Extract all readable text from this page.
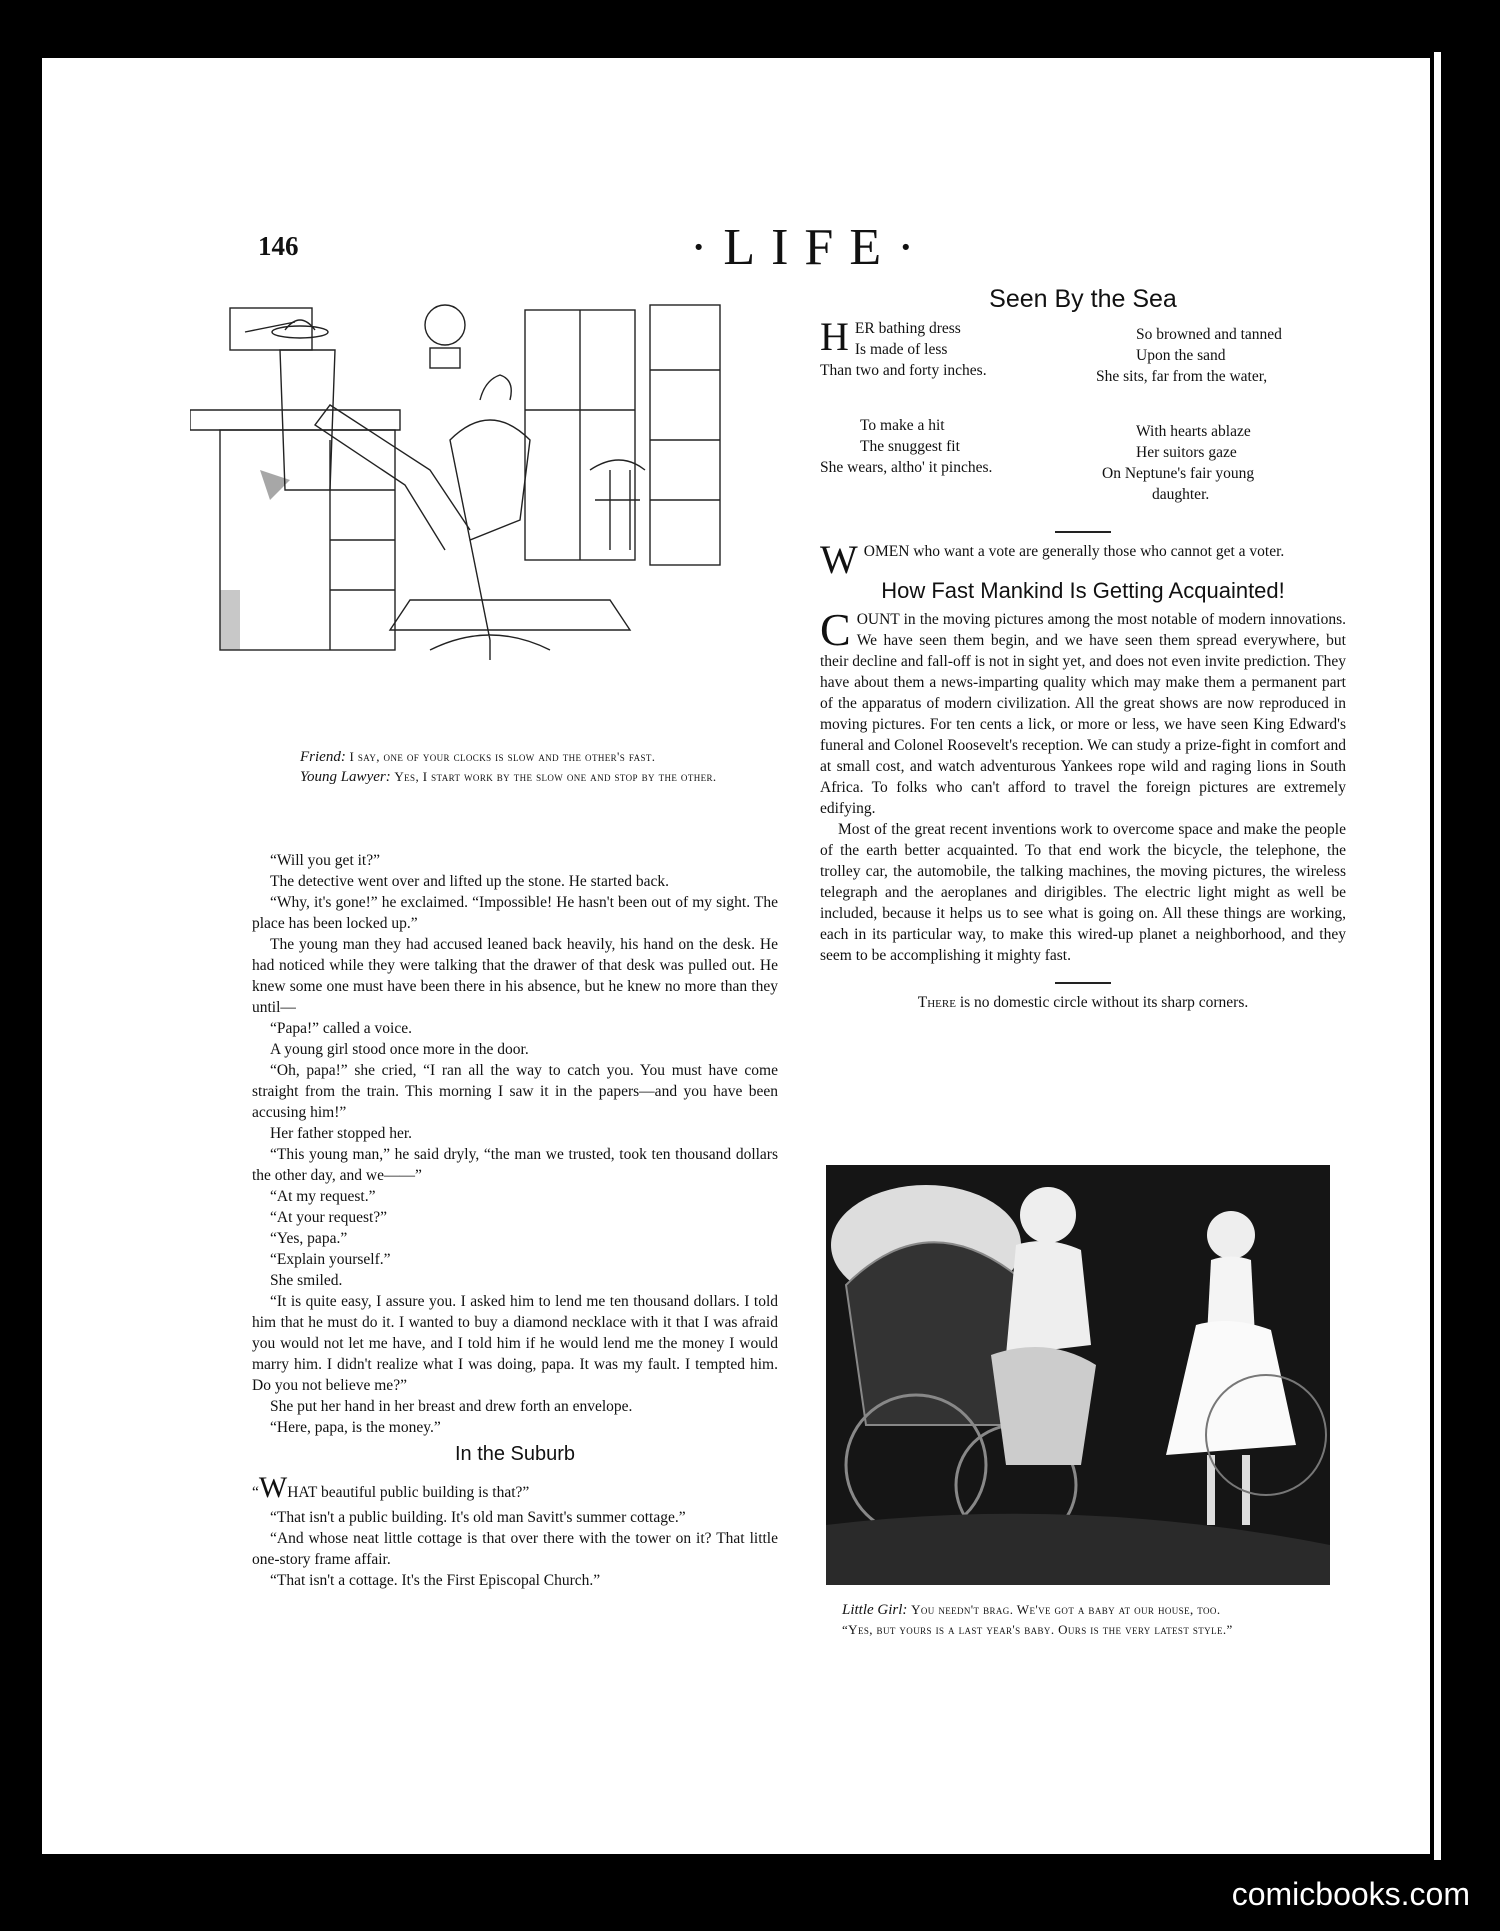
146	·LIFE·
Friend: I say, one of your clocks is slow and the other's fast.
Young Lawyer: Yes, I start work by the slow one and stop by the other.

“Will you get it?”

The detective went over and lifted up the stone. He started back.

“Why, it's gone!” he exclaimed. “Impossible! He hasn't been out of my sight. The place has been locked up.”

The young man they had accused leaned back heavily, his hand on the desk. He had noticed while they were talking that the drawer of that desk was pulled out. He knew some one must have been there in his absence, but he knew no more than they until—

“Papa!” called a voice.

A young girl stood once more in the door.

“Oh, papa!” she cried, “I ran all the way to catch you. You must have come straight from the train. This morning I saw it in the papers—and you have been accusing him!”

Her father stopped her.

“This young man,” he said dryly, “the man we trusted, took ten thousand dollars the other day, and we——”

“At my request.”

“At your request?”

“Yes, papa.”

“Explain yourself.”

She smiled.

“It is quite easy, I assure you. I asked him to lend me ten thousand dollars. I told him that he must do it. I wanted to buy a diamond necklace with it that I was afraid you would not let me have, and I told him if he would lend me the money I would marry him. I didn't realize what I was doing, papa. It was my fault. I tempted him. Do you not believe me?”

She put her hand in her breast and drew forth an envelope.

“Here, papa, is the money.”

In the Suburb

“WHAT beautiful public building is that?”

“That isn't a public building. It's old man Savitt's summer cottage.”

“And whose neat little cottage is that over there with the tower on it? That little one-story frame affair.

“That isn't a cottage. It's the First Episcopal Church.”

Seen By the Sea
HER bathing dress
Is made of less
Than two and forty inches.
To make a hit
The snuggest fit
She wears, altho' it pinches.
So browned and tanned
Upon the sand
She sits, far from the water,
With hearts ablaze
Her suitors gaze
On Neptune's fair young
daughter.

WOMEN who want a vote are generally those who cannot get a voter.

How Fast Mankind Is Getting Acquainted!

COUNT in the moving pictures among the most notable of modern innovations. We have seen them begin, and we have seen them spread everywhere, but their decline and fall-off is not in sight yet, and does not even invite prediction. They have about them a news-imparting quality which may make them a permanent part of the apparatus of modern civilization. All the great shows are now reproduced in moving pictures. For ten cents a lick, or more or less, we have seen King Edward's funeral and Colonel Roosevelt's reception. We can study a prize-fight in comfort and at small cost, and watch adventurous Yankees rope wild and raging lions in South Africa. To folks who can't afford to travel the foreign pictures are extremely edifying.

Most of the great recent inventions work to overcome space and make the people of the earth better acquainted. To that end work the bicycle, the telephone, the trolley car, the automobile, the talking machines, the moving pictures, the wireless telegraph and the aeroplanes and dirigibles. The electric light might as well be included, because it helps us to see what is going on. All these things are working, each in its particular way, to make this wired-up planet a neighborhood, and they seem to be accomplishing it mighty fast.

There is no domestic circle without its sharp corners.

Little Girl: You needn't brag. We've got a baby at our house, too.
“Yes, but yours is a last year's baby. Ours is the very latest style.”
comicbooks.com
